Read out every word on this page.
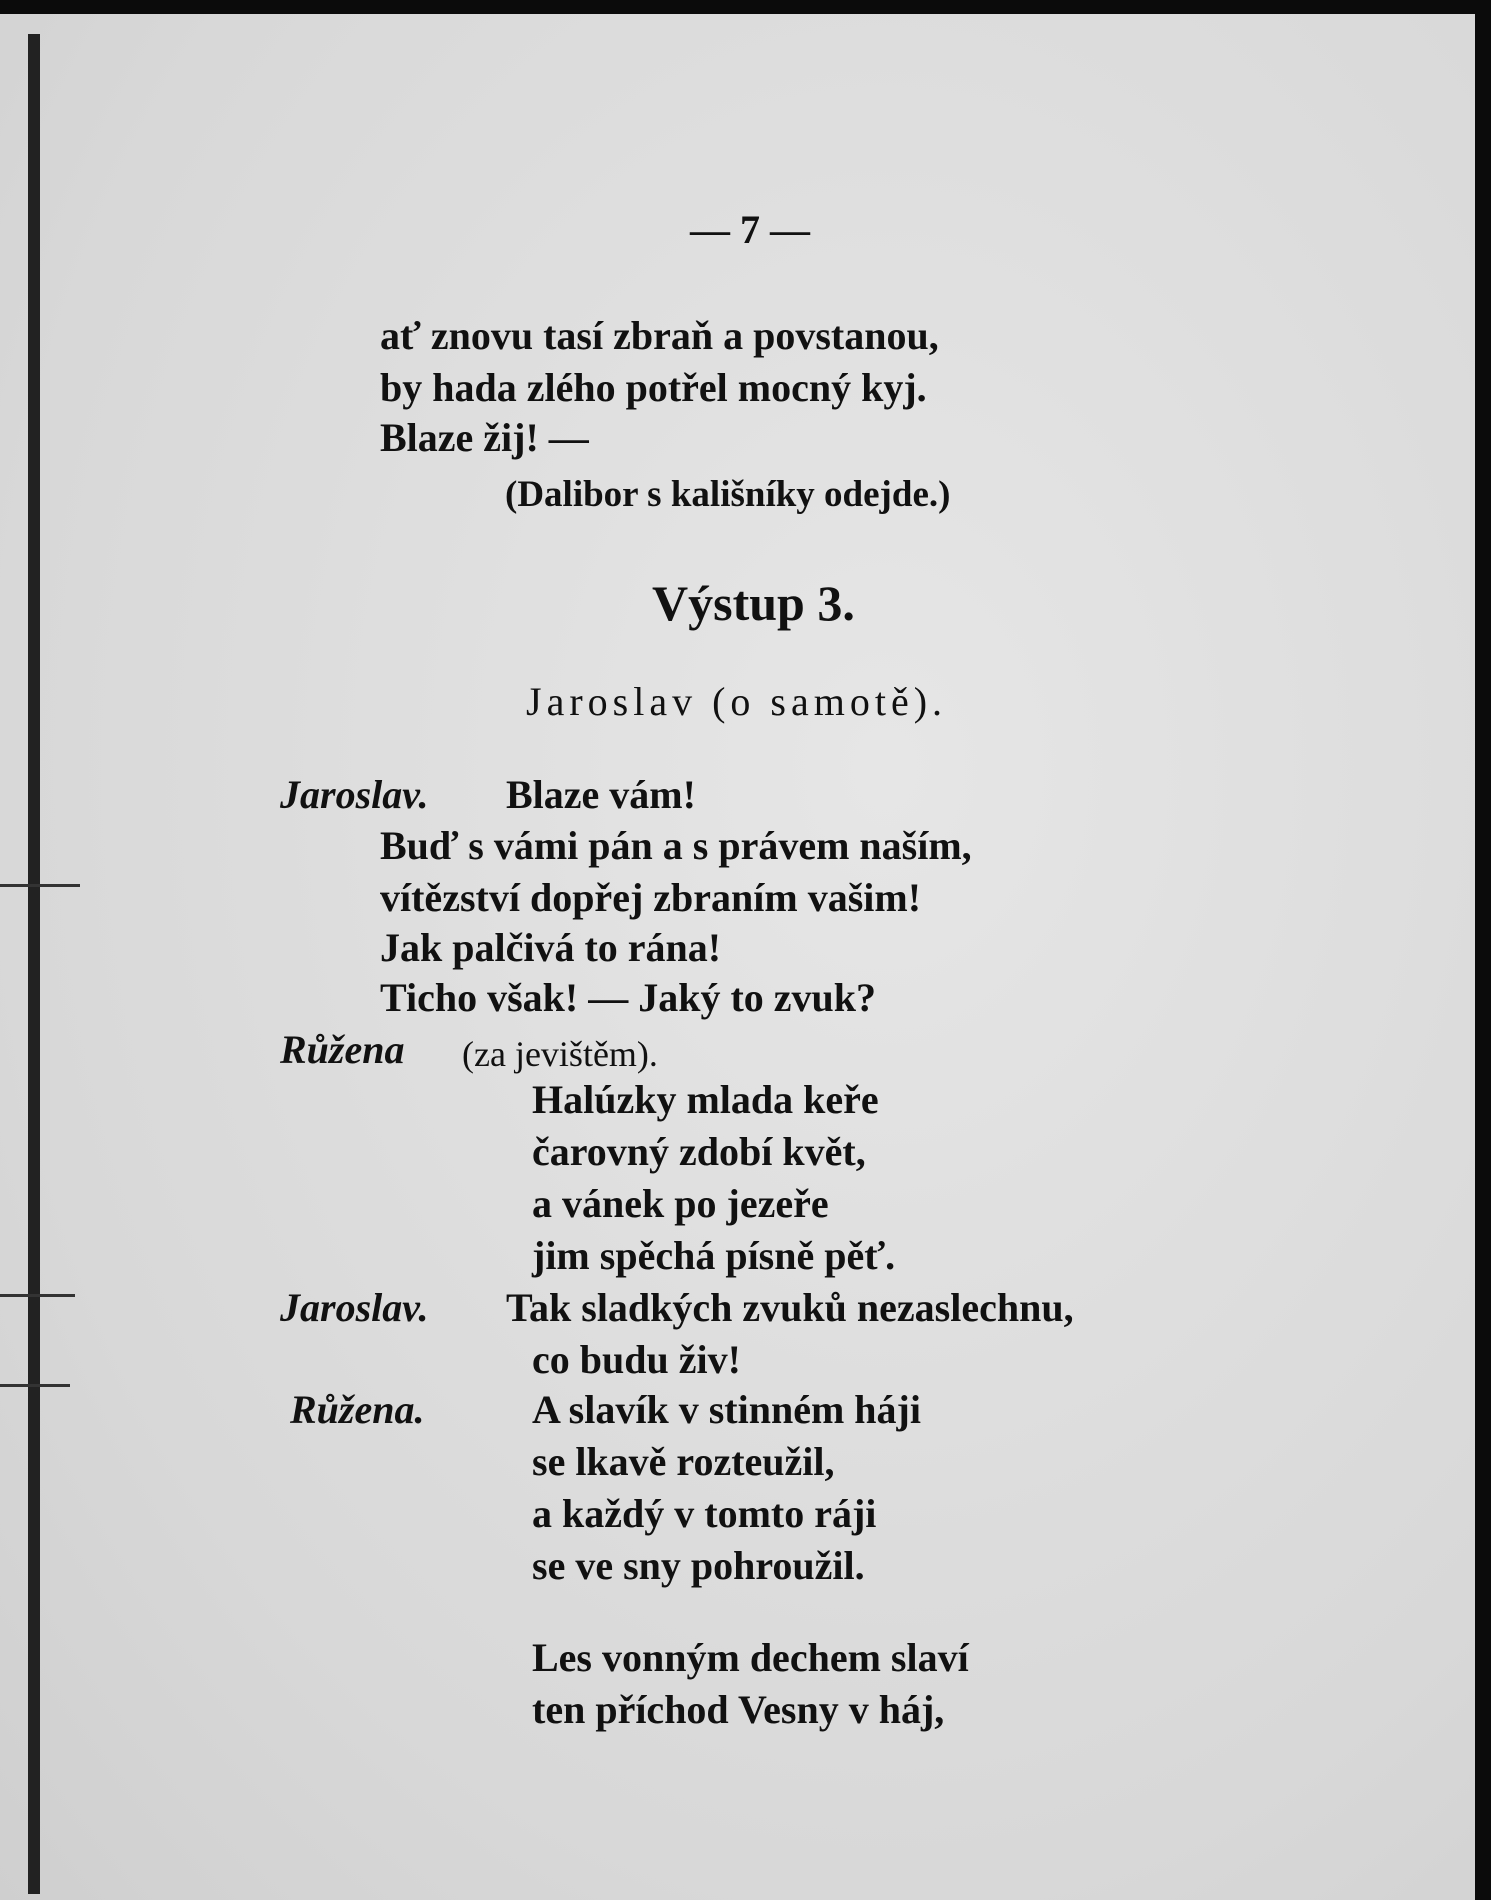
— 7 —
ať znovu tasí zbraň a povstanou,
by hada zlého potřel mocný kyj.
Blaze žij! —
(Dalibor s kališníky odejde.)
Výstup 3.
Jaroslav (o samotě).
Jaroslav. Blaze vám!
Buď s vámi pán a s právem naším,
vítězství dopřej zbraním vašim!
Jak palčivá to rána!
Ticho však! — Jaký to zvuk?
Růžena (za jevištěm).
Halúzky mlada keře
čarovný zdobí květ,
a vánek po jezeře
jim spěchá písně pěť.
Jaroslav. Tak sladkých zvuků nezaslechnu,
co budu živ!
Růžena.	A slavík v stinném háji
se lkavě rozteužil,
a každý v tomto ráji
se ve sny pohroužil.
Les vonným dechem slaví
ten příchod Vesny v háj,
